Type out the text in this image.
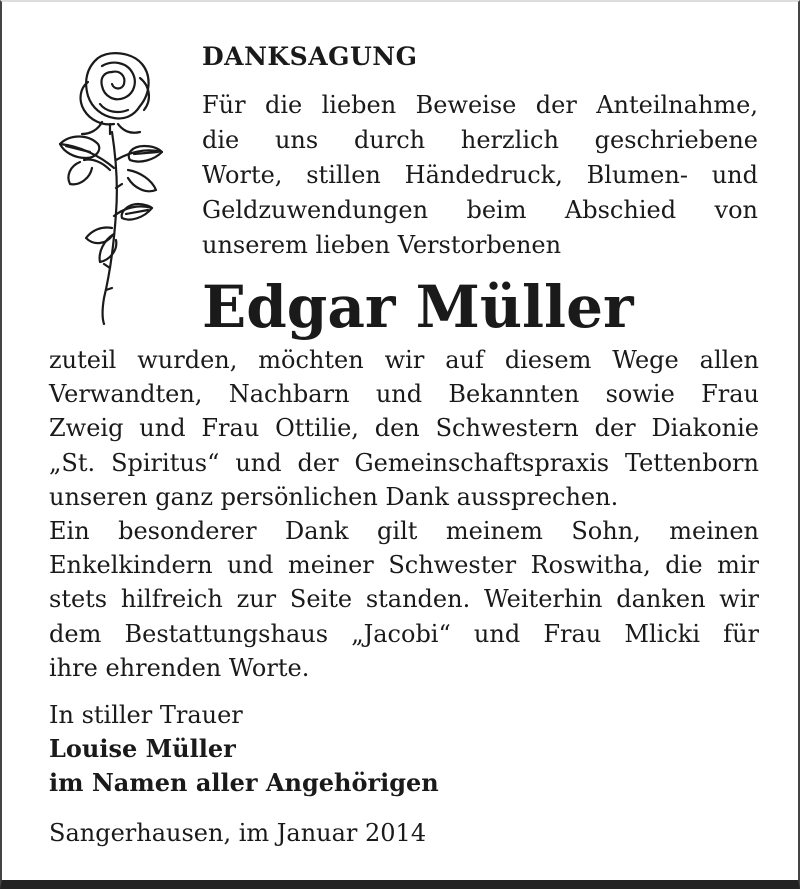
DANKSAGUNG
Für die lieben Beweise der Anteilnahme,
die uns durch herzlich geschriebene
Worte, stillen Händedruck, Blumen- und
Geldzuwendungen beim Abschied von
unserem lieben Verstorbenen
Edgar Müller
zuteil wurden, möchten wir auf diesem Wege allen
Verwandten, Nachbarn und Bekannten sowie Frau
Zweig und Frau Ottilie, den Schwestern der Diakonie
„St. Spiritus“ und der Gemeinschaftspraxis Tettenborn
unseren ganz persönlichen Dank aussprechen.
Ein besonderer Dank gilt meinem Sohn, meinen
Enkelkindern und meiner Schwester Roswitha, die mir
stets hilfreich zur Seite standen. Weiterhin danken wir
dem Bestattungshaus „Jacobi“ und Frau Mlicki für
ihre ehrenden Worte.
In stiller Trauer
Louise Müller
im Namen aller Angehörigen
Sangerhausen, im Januar 2014
